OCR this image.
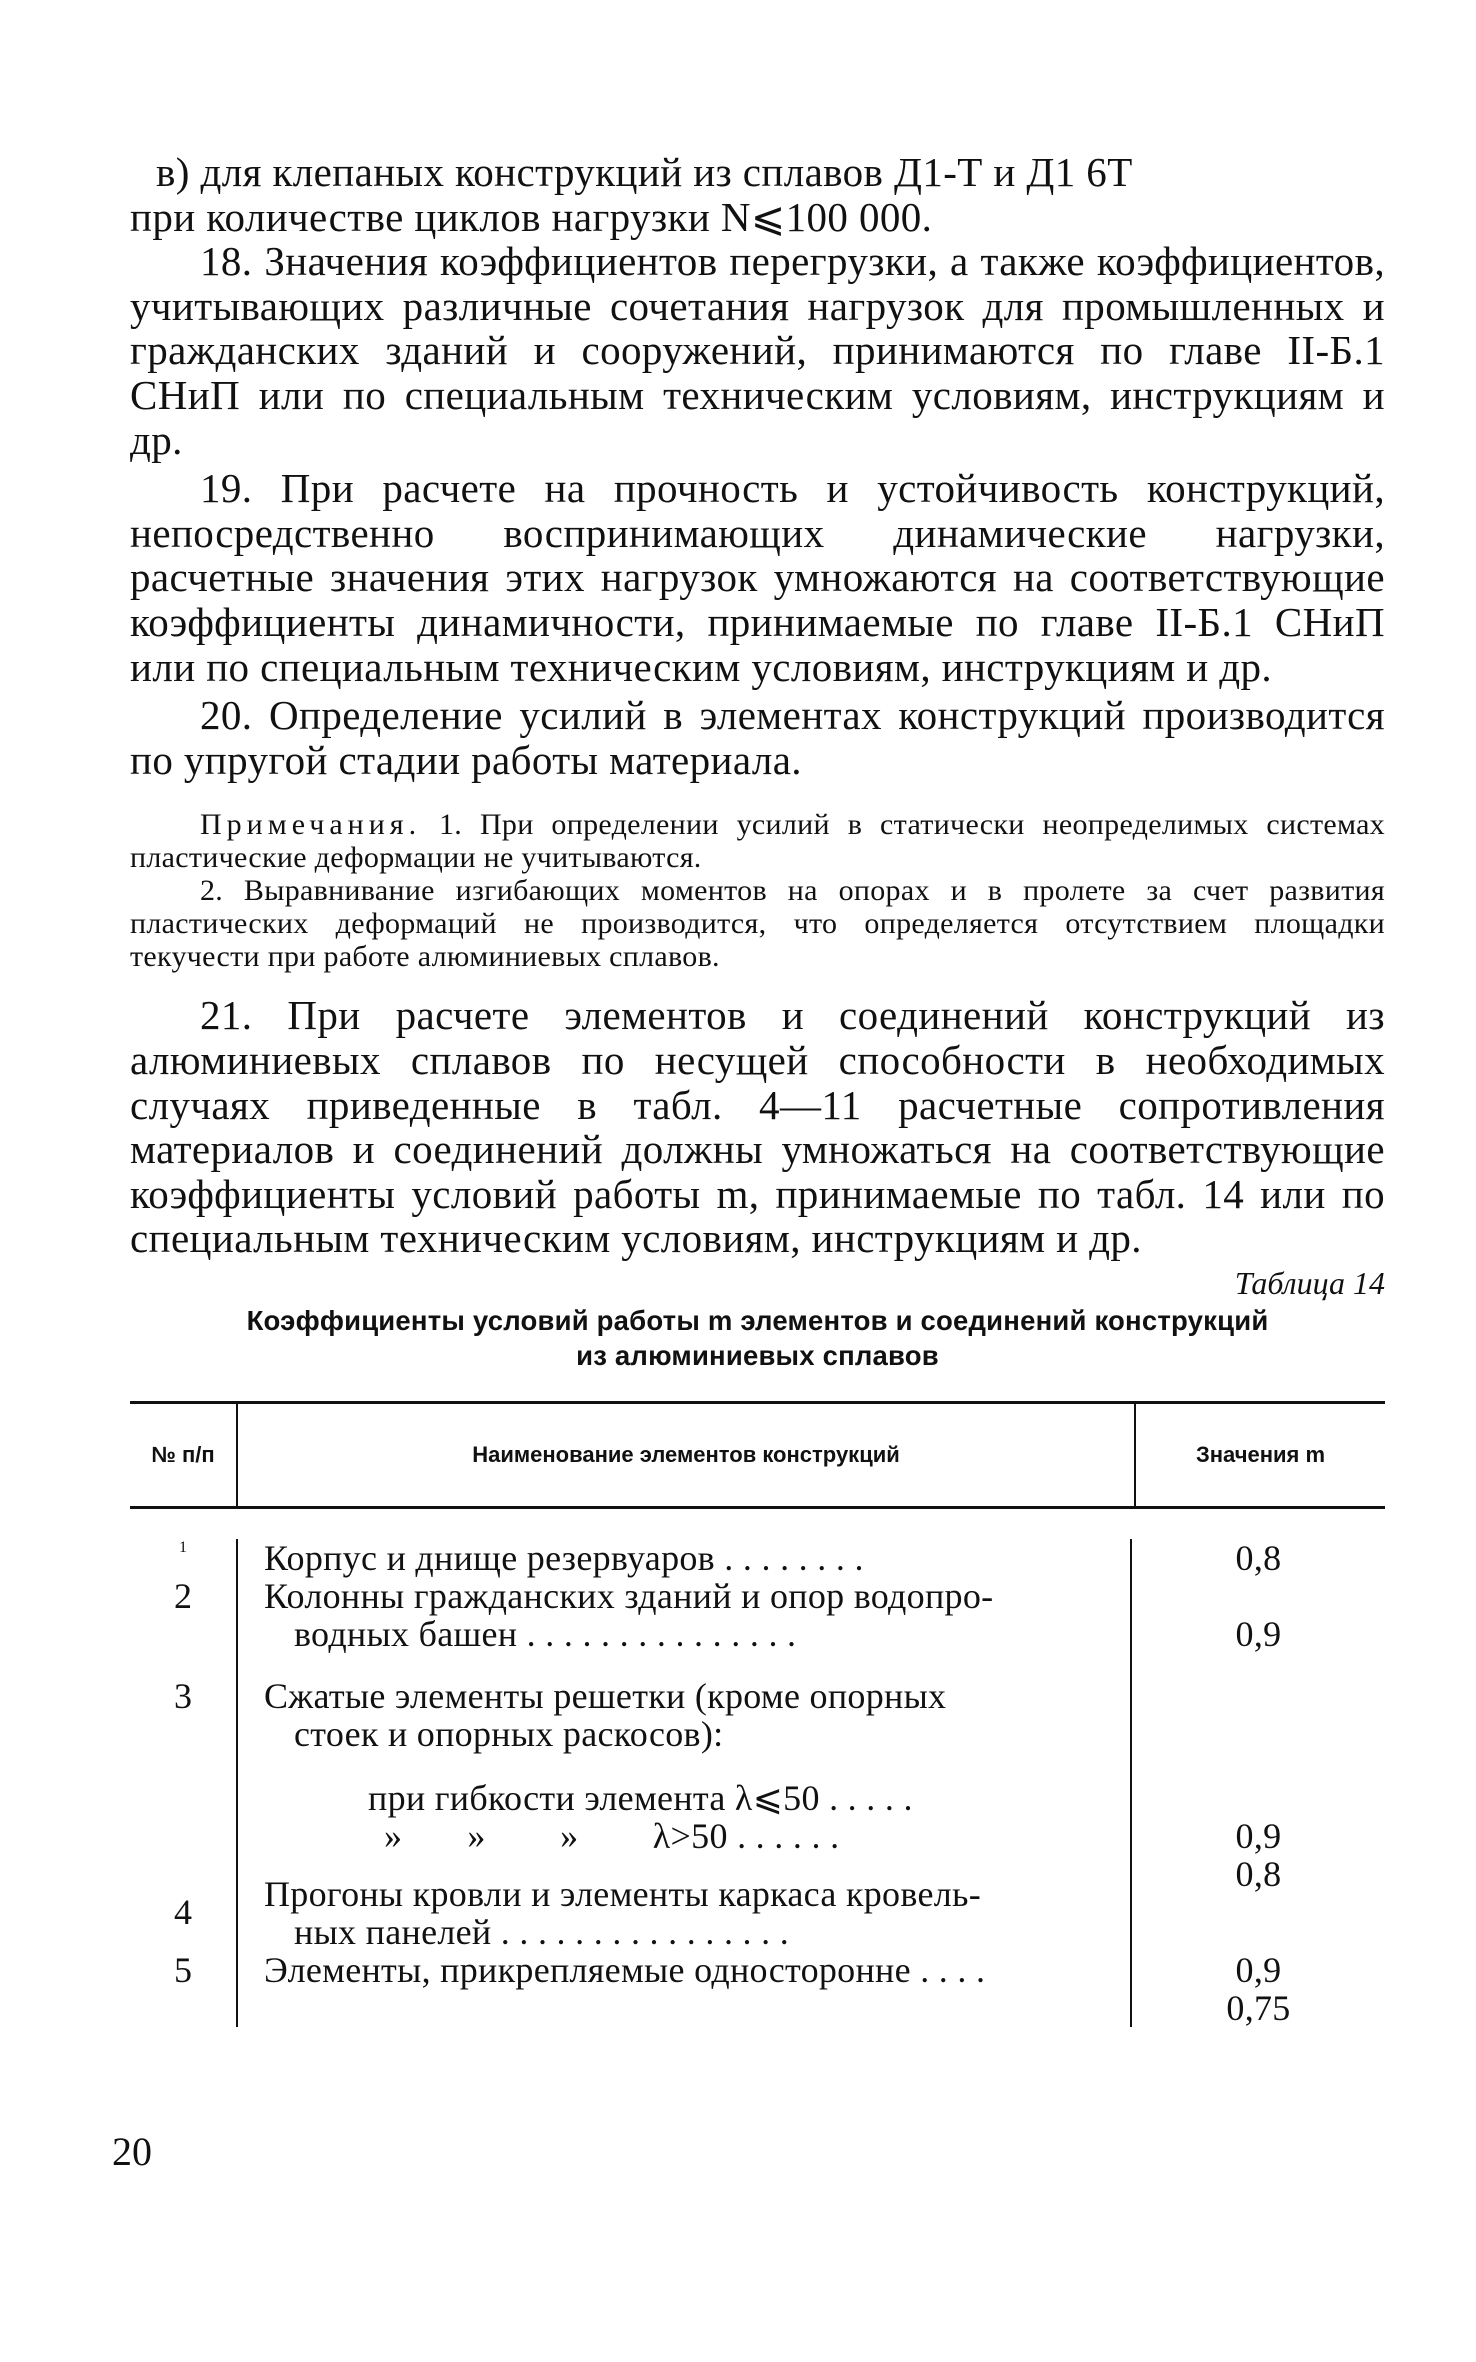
в) для клепаных конструкций из сплавов Д1-Т и Д1 6Т

при количестве циклов нагрузки N⩽100 000.

18. Значения коэффициентов перегрузки, а также коэффициентов, учитывающих различные сочетания нагрузок для промышленных и гражданских зданий и сооружений, принимаются по главе II-Б.1 СНиП или по специальным техническим условиям, инструкциям и др.

19. При расчете на прочность и устойчивость конструкций, непосредственно воспринимающих динамические нагрузки, расчетные значения этих нагрузок умножаются на соответствующие коэффициенты динамичности, принимаемые по главе II-Б.1 СНиП или по специальным техническим условиям, инструкциям и др.

20. Определение усилий в элементах конструкций производится по упругой стадии работы материала.

Примечания. 1. При определении усилий в статически неопределимых системах пластические деформации не учитываются.

2. Выравнивание изгибающих моментов на опорах и в пролете за счет развития пластических деформаций не производится, что определяется отсутствием площадки текучести при работе алюминиевых сплавов.

21. При расчете элементов и соединений конструкций из алюминиевых сплавов по несущей способности в необходимых случаях приведенные в табл. 4—11 расчетные сопротивления материалов и соединений должны умножаться на соответствующие коэффициенты условий работы m, принимаемые по табл. 14 или по специальным техническим условиям, инструкциям и др.

Таблица 14
Коэффициенты условий работы m элементов и соединений конструкций
из алюминиевых сплавов
№ п/п	Наименование элементов конструкций	Значения m
1
2
3
4
5
Корпус и днище резервуаров . . . . . . . .
Колонны гражданских зданий и опор водопро-
водных башен . . . . . . . . . . . . . . .
Сжатые элементы решетки (кроме опорных
стоек и опорных раскосов):
при гибкости элемента λ⩽50 . . . . .
»       »        »        λ>50 . . . . . .
Прогоны кровли и элементы каркаса кровель-
ных панелей . . . . . . . . . . . . . . . .
Элементы, прикрепляемые односторонне . . . .
0,8
0,9
0,9
0,8
0,9
0,75
20
